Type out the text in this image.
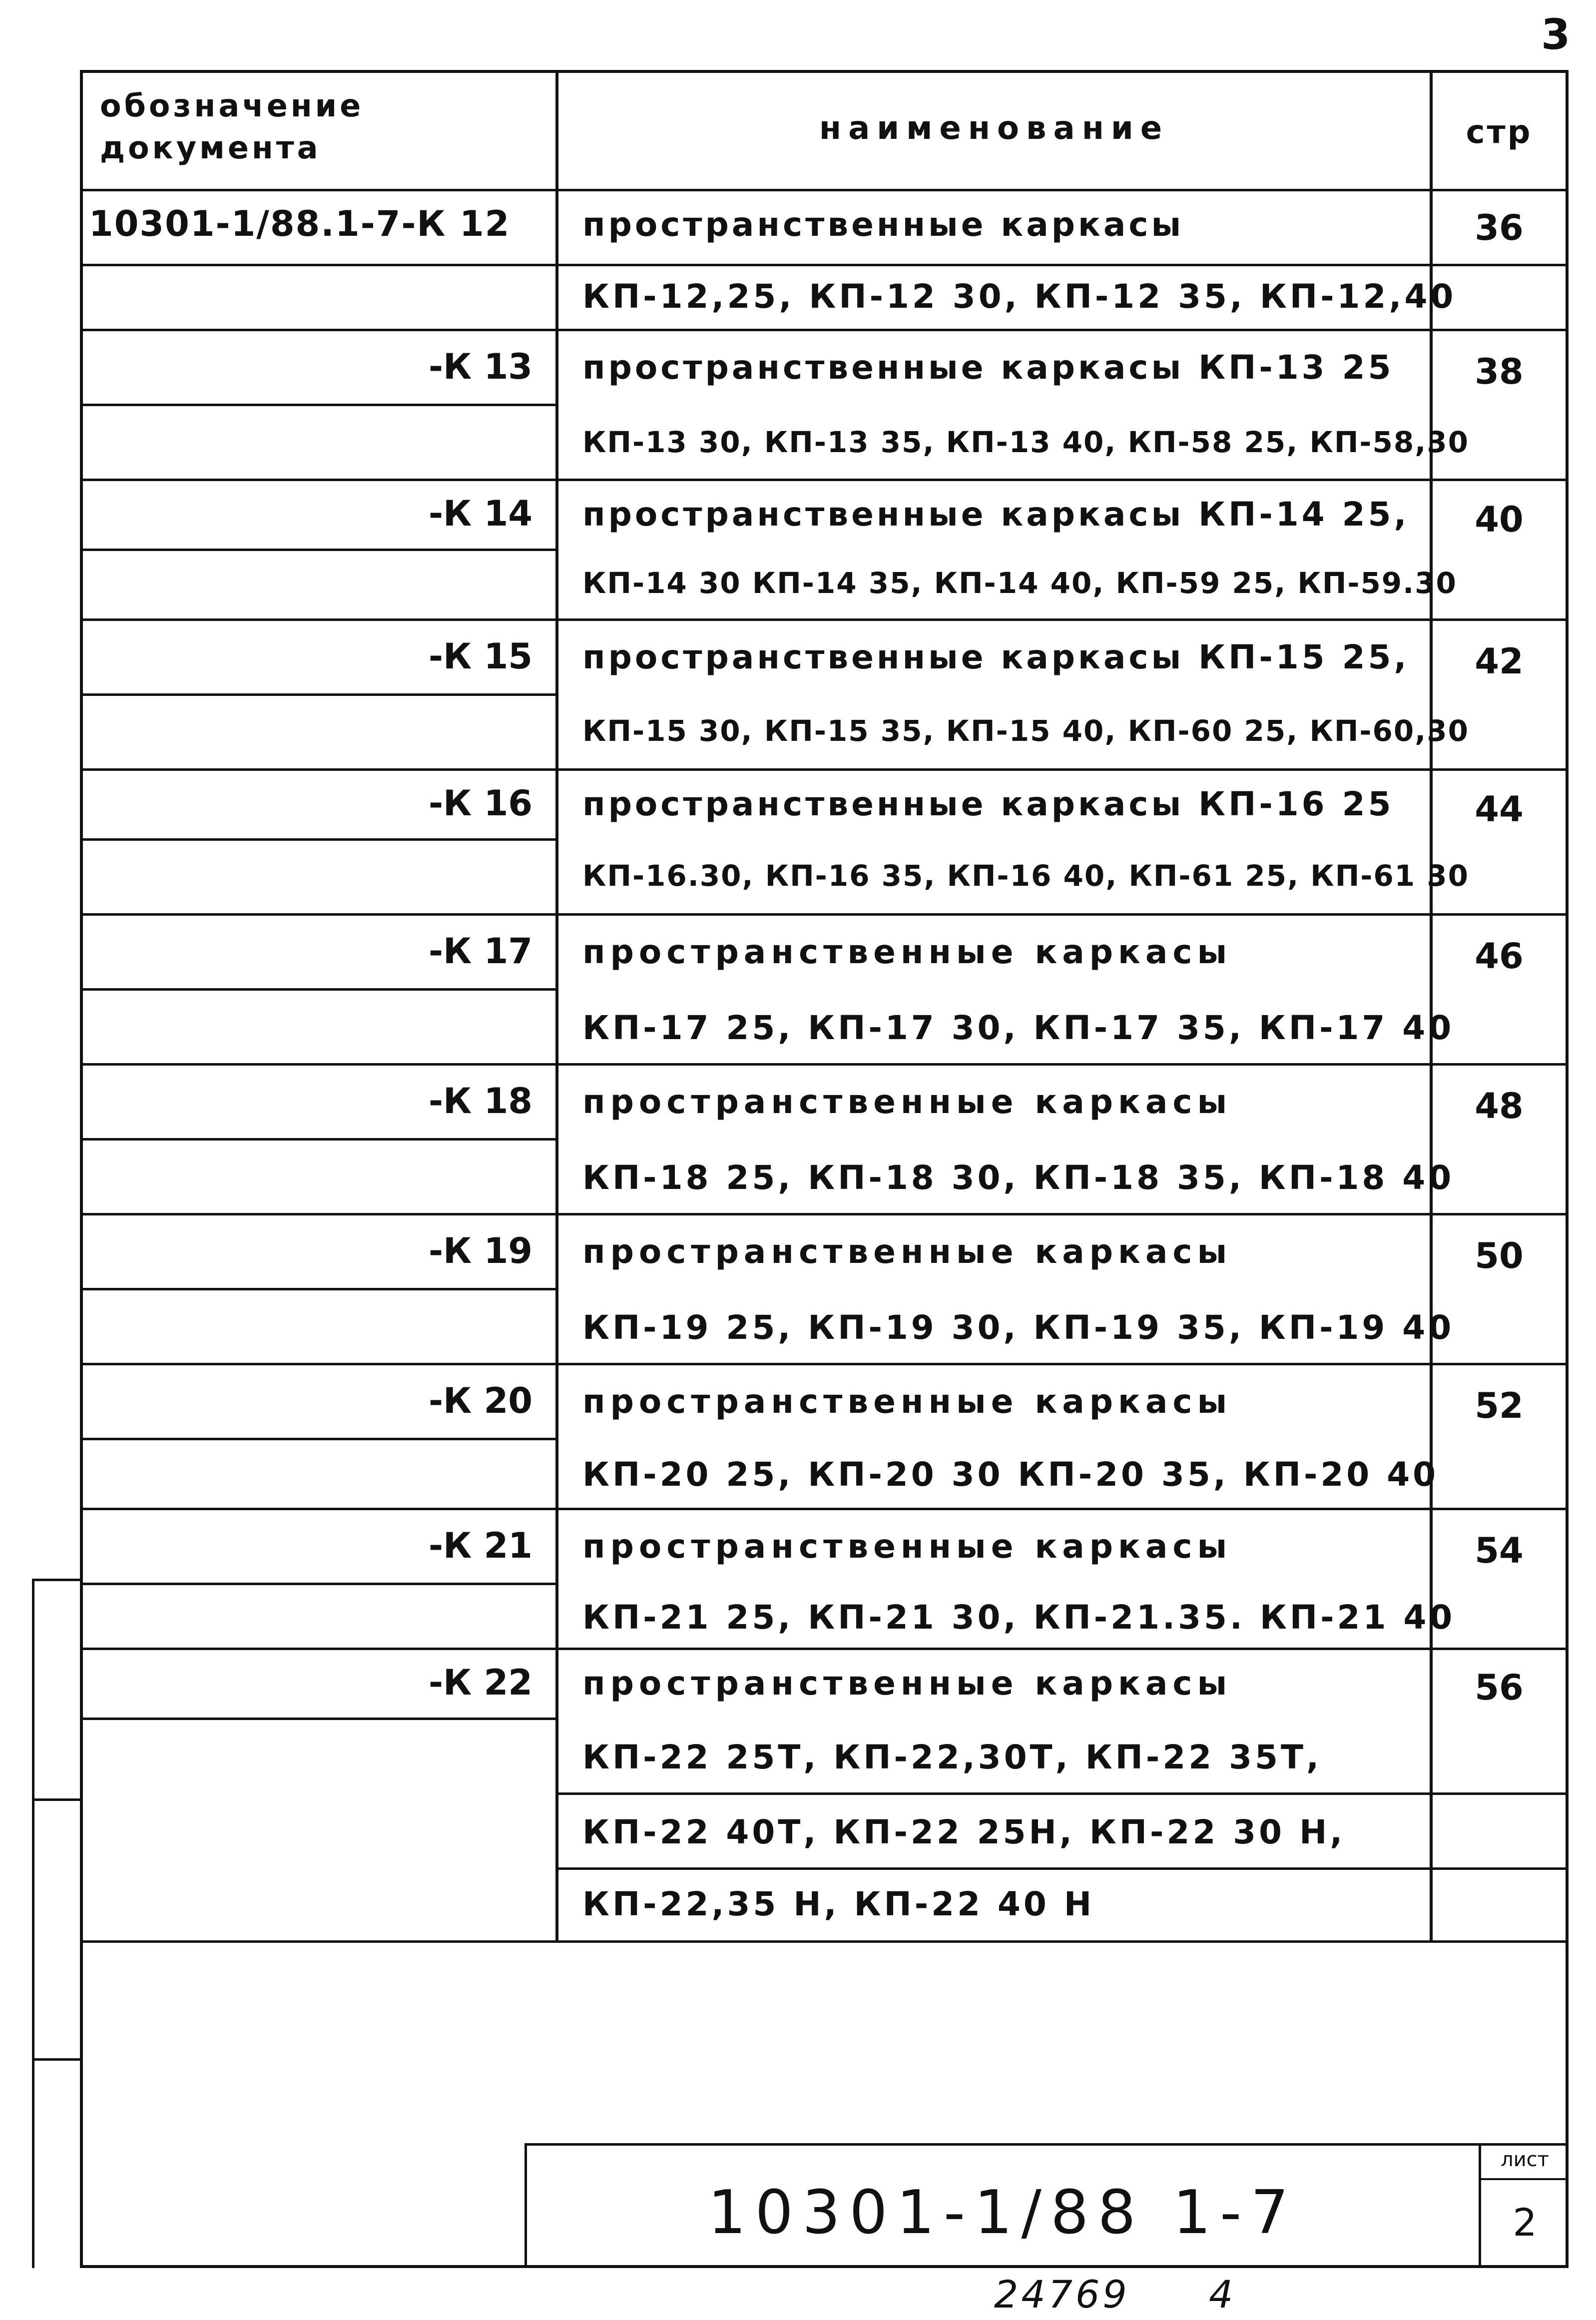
3
обозначение
документа
наименование	стр
10301-1/88.1-7-К 12 пространственные каркасы	36
КП-12,25, КП-12 30, КП-12 35, КП-12,40
-К 13 пространственные каркасы КП-13 25	38
КП-13 30, КП-13 35, КП-13 40, КП-58 25, КП-58,30
-К 14 пространственные каркасы КП-14 25,	40
КП-14 30 КП-14 35, КП-14 40, КП-59 25, КП-59.30
-К 15 пространственные каркасы КП-15 25,	42
КП-15 30, КП-15 35, КП-15 40, КП-60 25, КП-60,30
-К 16 пространственные каркасы КП-16 25	44
КП-16.30, КП-16 35, КП-16 40, КП-61 25, КП-61 30
-К 17 пространственные каркасы	46
КП-17 25, КП-17 30, КП-17 35, КП-17 40
-К 18 пространственные каркасы	48
КП-18 25, КП-18 30, КП-18 35, КП-18 40
-К 19 пространственные каркасы	50
КП-19 25, КП-19 30, КП-19 35, КП-19 40
-К 20 пространственные каркасы	52
КП-20 25, КП-20 30 КП-20 35, КП-20 40
-К 21 пространственные каркасы	54
КП-21 25, КП-21 30, КП-21.35. КП-21 40
-К 22 пространственные каркасы	56
КП-22 25Т, КП-22,30Т, КП-22 35Т,
КП-22 40Т, КП-22 25Н, КП-22 30 Н,
КП-22,35 Н, КП-22 40 Н
10301-1/88 1-7
лист
2
24769 4
